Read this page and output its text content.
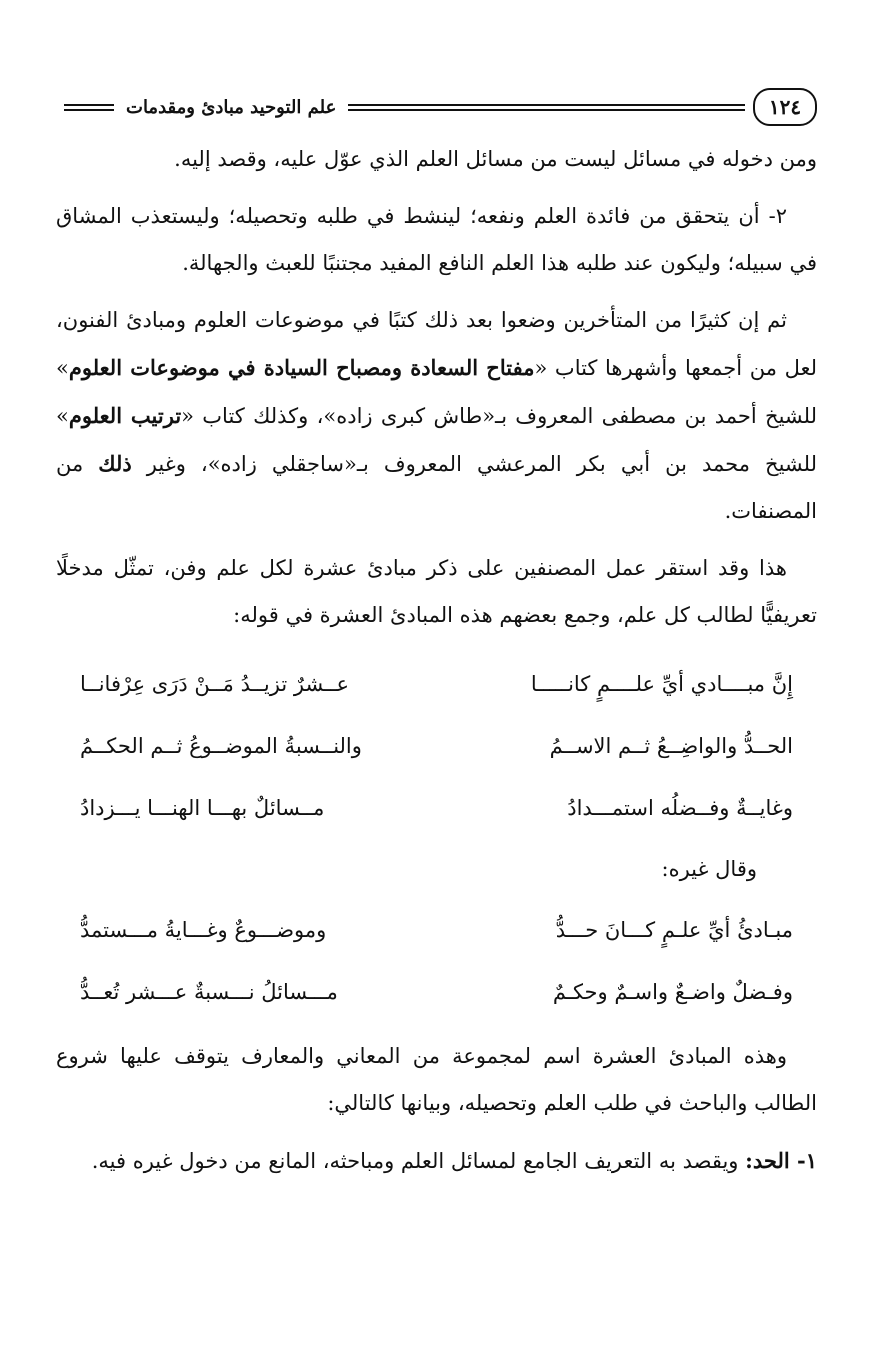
١٢٤
علم التوحيد مبادئ ومقدمات

ومن دخوله في مسائل ليست من مسائل العلم الذي عوّل عليه، وقصد إليه.

٢- أن يتحقق من فائدة العلم ونفعه؛ لينشط في طلبه وتحصيله؛ وليستعذب المشاق في سبيله؛ وليكون عند طلبه هذا العلم النافع المفيد مجتنبًا للعبث والجهالة.

ثم إن كثيرًا من المتأخرين وضعوا بعد ذلك كتبًا في موضوعات العلوم ومبادئ الفنون، لعل من أجمعها وأشهرها كتاب «مفتاح السعادة ومصباح السيادة في موضوعات العلوم» للشيخ أحمد بن مصطفى المعروف بـ«طاش كبرى زاده»، وكذلك كتاب «ترتيب العلوم» للشيخ محمد بن أبي بكر المرعشي المعروف بـ«ساجقلي زاده»، وغير ذلك من المصنفات.

هذا وقد استقر عمل المصنفين على ذكر مبادئ عشرة لكل علم وفن، تمثّل مدخلًا تعريفيًّا لطالب كل علم، وجمع بعضهم هذه المبادئ العشرة في قوله:

إِنَّ مبــــادي أيِّ علــــمٍ كانـــــا
عــشرٌ تزيــدُ مَــنْ دَرَى عِرْفانــا
الحــدُّ والواضِــعُ ثــم الاســمُ
والنــسبةُ الموضــوعُ ثــم الحكــمُ
وغايــةٌ وفــضلُه استمـــدادُ
مــسائلٌ بهـــا الهنـــا يـــزدادُ
وقال غيره:
مبـادئُ أيِّ علـمٍ كـــانَ حـــدُّ
وموضـــوعٌ وغـــايةُ مـــستمدُّ
وفـضلٌ واضـعٌ واسـمٌ وحكـمٌ
مـــسائلُ نـــسبةٌ عـــشر تُعــدُّ

وهذه المبادئ العشرة اسم لمجموعة من المعاني والمعارف يتوقف عليها شروع الطالب والباحث في طلب العلم وتحصيله، وبيانها كالتالي:

١- الحد: ويقصد به التعريف الجامع لمسائل العلم ومباحثه، المانع من دخول غيره فيه.
